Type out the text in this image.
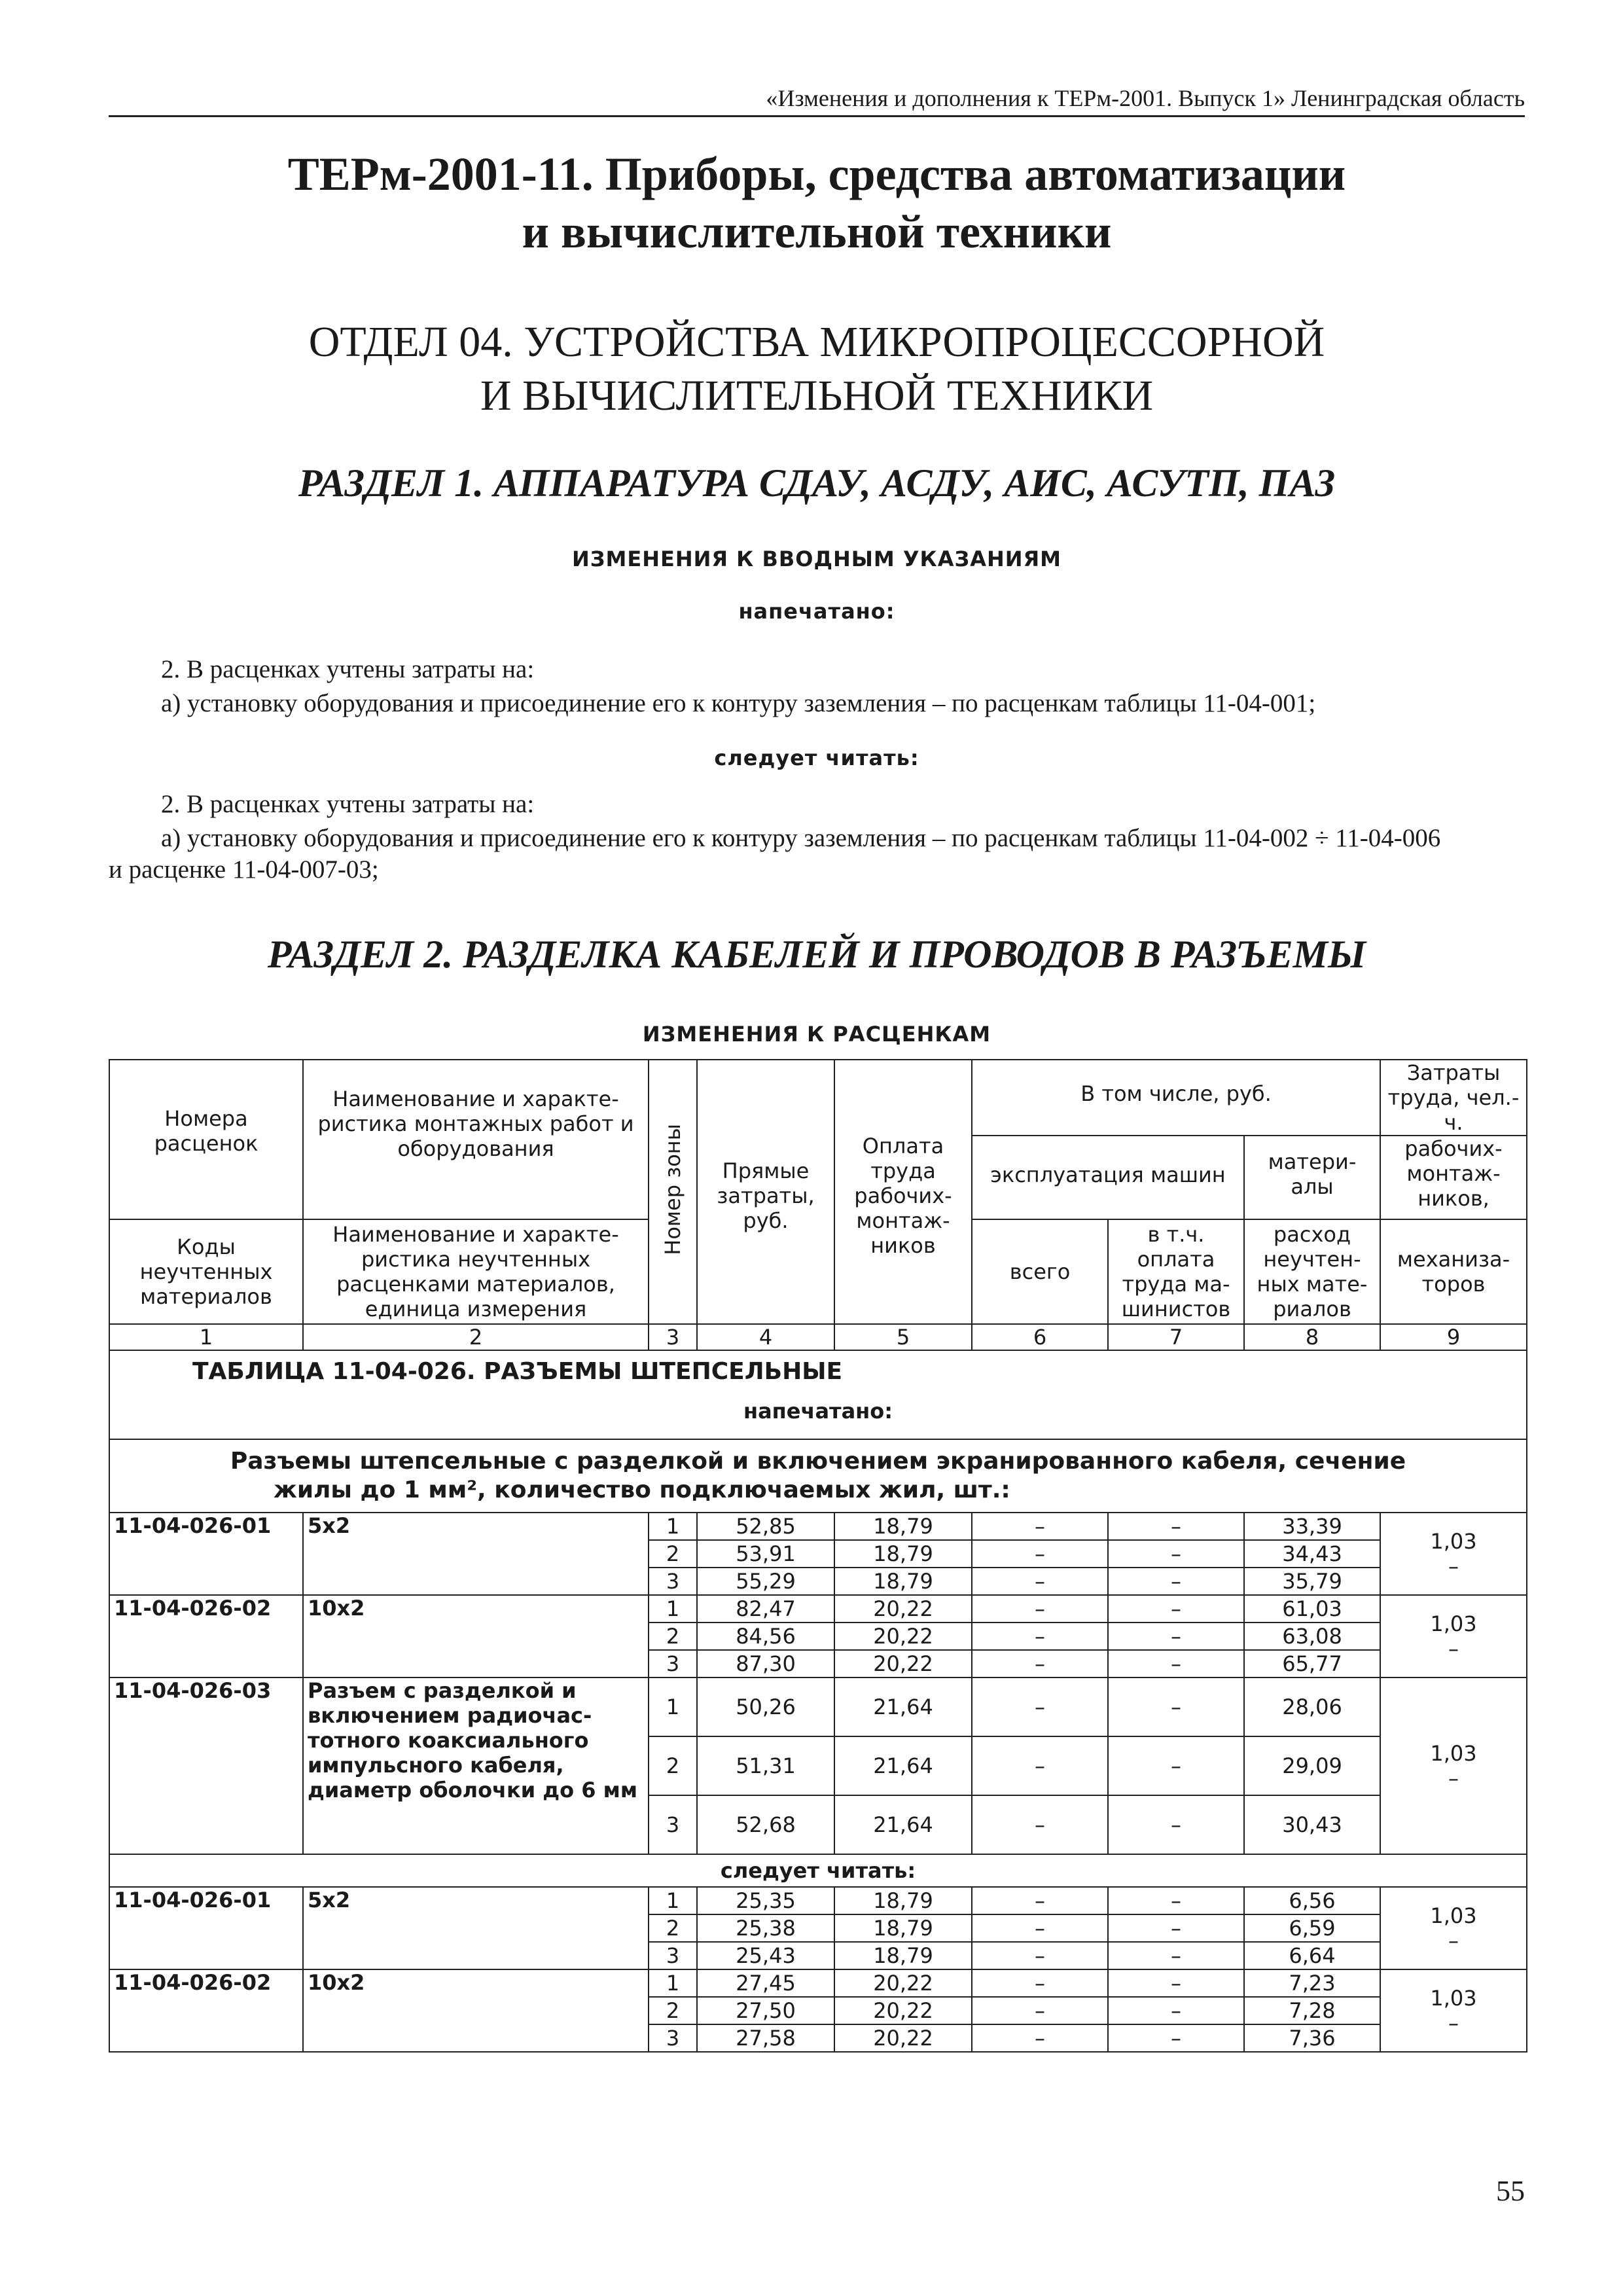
«Изменения и дополнения к ТЕРм-2001. Выпуск 1» Ленинградская область
ТЕРм-2001-11. Приборы, средства автоматизации
и вычислительной техники
ОТДЕЛ 04. УСТРОЙСТВА МИКРОПРОЦЕССОРНОЙ
И ВЫЧИСЛИТЕЛЬНОЙ ТЕХНИКИ
РАЗДЕЛ 1. АППАРАТУРА СДАУ, АСДУ, АИС, АСУТП, ПАЗ
ИЗМЕНЕНИЯ К ВВОДНЫМ УКАЗАНИЯМ
напечатано:
2. В расценках учтены затраты на:
а) установку оборудования и присоединение его к контуру заземления – по расценкам таблицы 11-04-001;
следует читать:
2. В расценках учтены затраты на:
а) установку оборудования и присоединение его к контуру заземления – по расценкам таблицы 11-04-002 ÷ 11-04-006
и расценке 11-04-007-03;
РАЗДЕЛ 2. РАЗДЕЛКА КАБЕЛЕЙ И ПРОВОДОВ В РАЗЪЕМЫ
ИЗМЕНЕНИЯ К РАСЦЕНКАМ
Номера расценок	Наименование и характе-ристика монтажных работ и оборудования	Номер зоны	Прямые затраты, руб.	Оплата труда рабочих-монтаж-ников	В том числе, руб.			Затраты труда, чел.-ч.
					эксплуатация машин		матери-алы	рабочих-монтаж-ников,
Коды неучтенных материалов	Наименование и характе-ристика неучтенных расценками материалов, единица измерения				всего	в т.ч. оплата труда ма-шинистов	расход неучтен-ных мате-риалов	механиза-торов
1	2	3	4	5	6	7	8	9

ТАБЛИЦА 11-04-026. РАЗЪЕМЫ ШТЕПСЕЛЬНЫЕ
напечатано:								

Разъемы штепсельные с разделкой и включением экранированного кабеля, сечение
жилы до 1 мм², количество подключаемых жил, шт.:								

11-04-026-01	5x2	1	52,85	18,79	–	–	33,39	1,03
–

		2	53,91	18,79	–	–	34,43	
		3	55,29	18,79	–	–	35,79	
11-04-026-02	10x2	1	82,47	20,22	–	–	61,03	1,03
–

		2	84,56	20,22	–	–	63,08	
		3	87,30	20,22	–	–	65,77	
11-04-026-03	Разъем с разделкой и включением радиочас-тотного коаксиального импульсного кабеля, диаметр оболочки до 6 мм	1	50,26	21,64	–	–	28,06	1,03
–

		2	51,31	21,64	–	–	29,09	
		3	52,68	21,64	–	–	30,43	
следует читать:								
11-04-026-01	5x2	1	25,35	18,79	–	–	6,56	1,03
–

		2	25,38	18,79	–	–	6,59	
		3	25,43	18,79	–	–	6,64	
11-04-026-02	10x2	1	27,45	20,22	–	–	7,23	1,03
–

		2	27,50	20,22	–	–	7,28	
		3	27,58	20,22	–	–	7,36	
55
